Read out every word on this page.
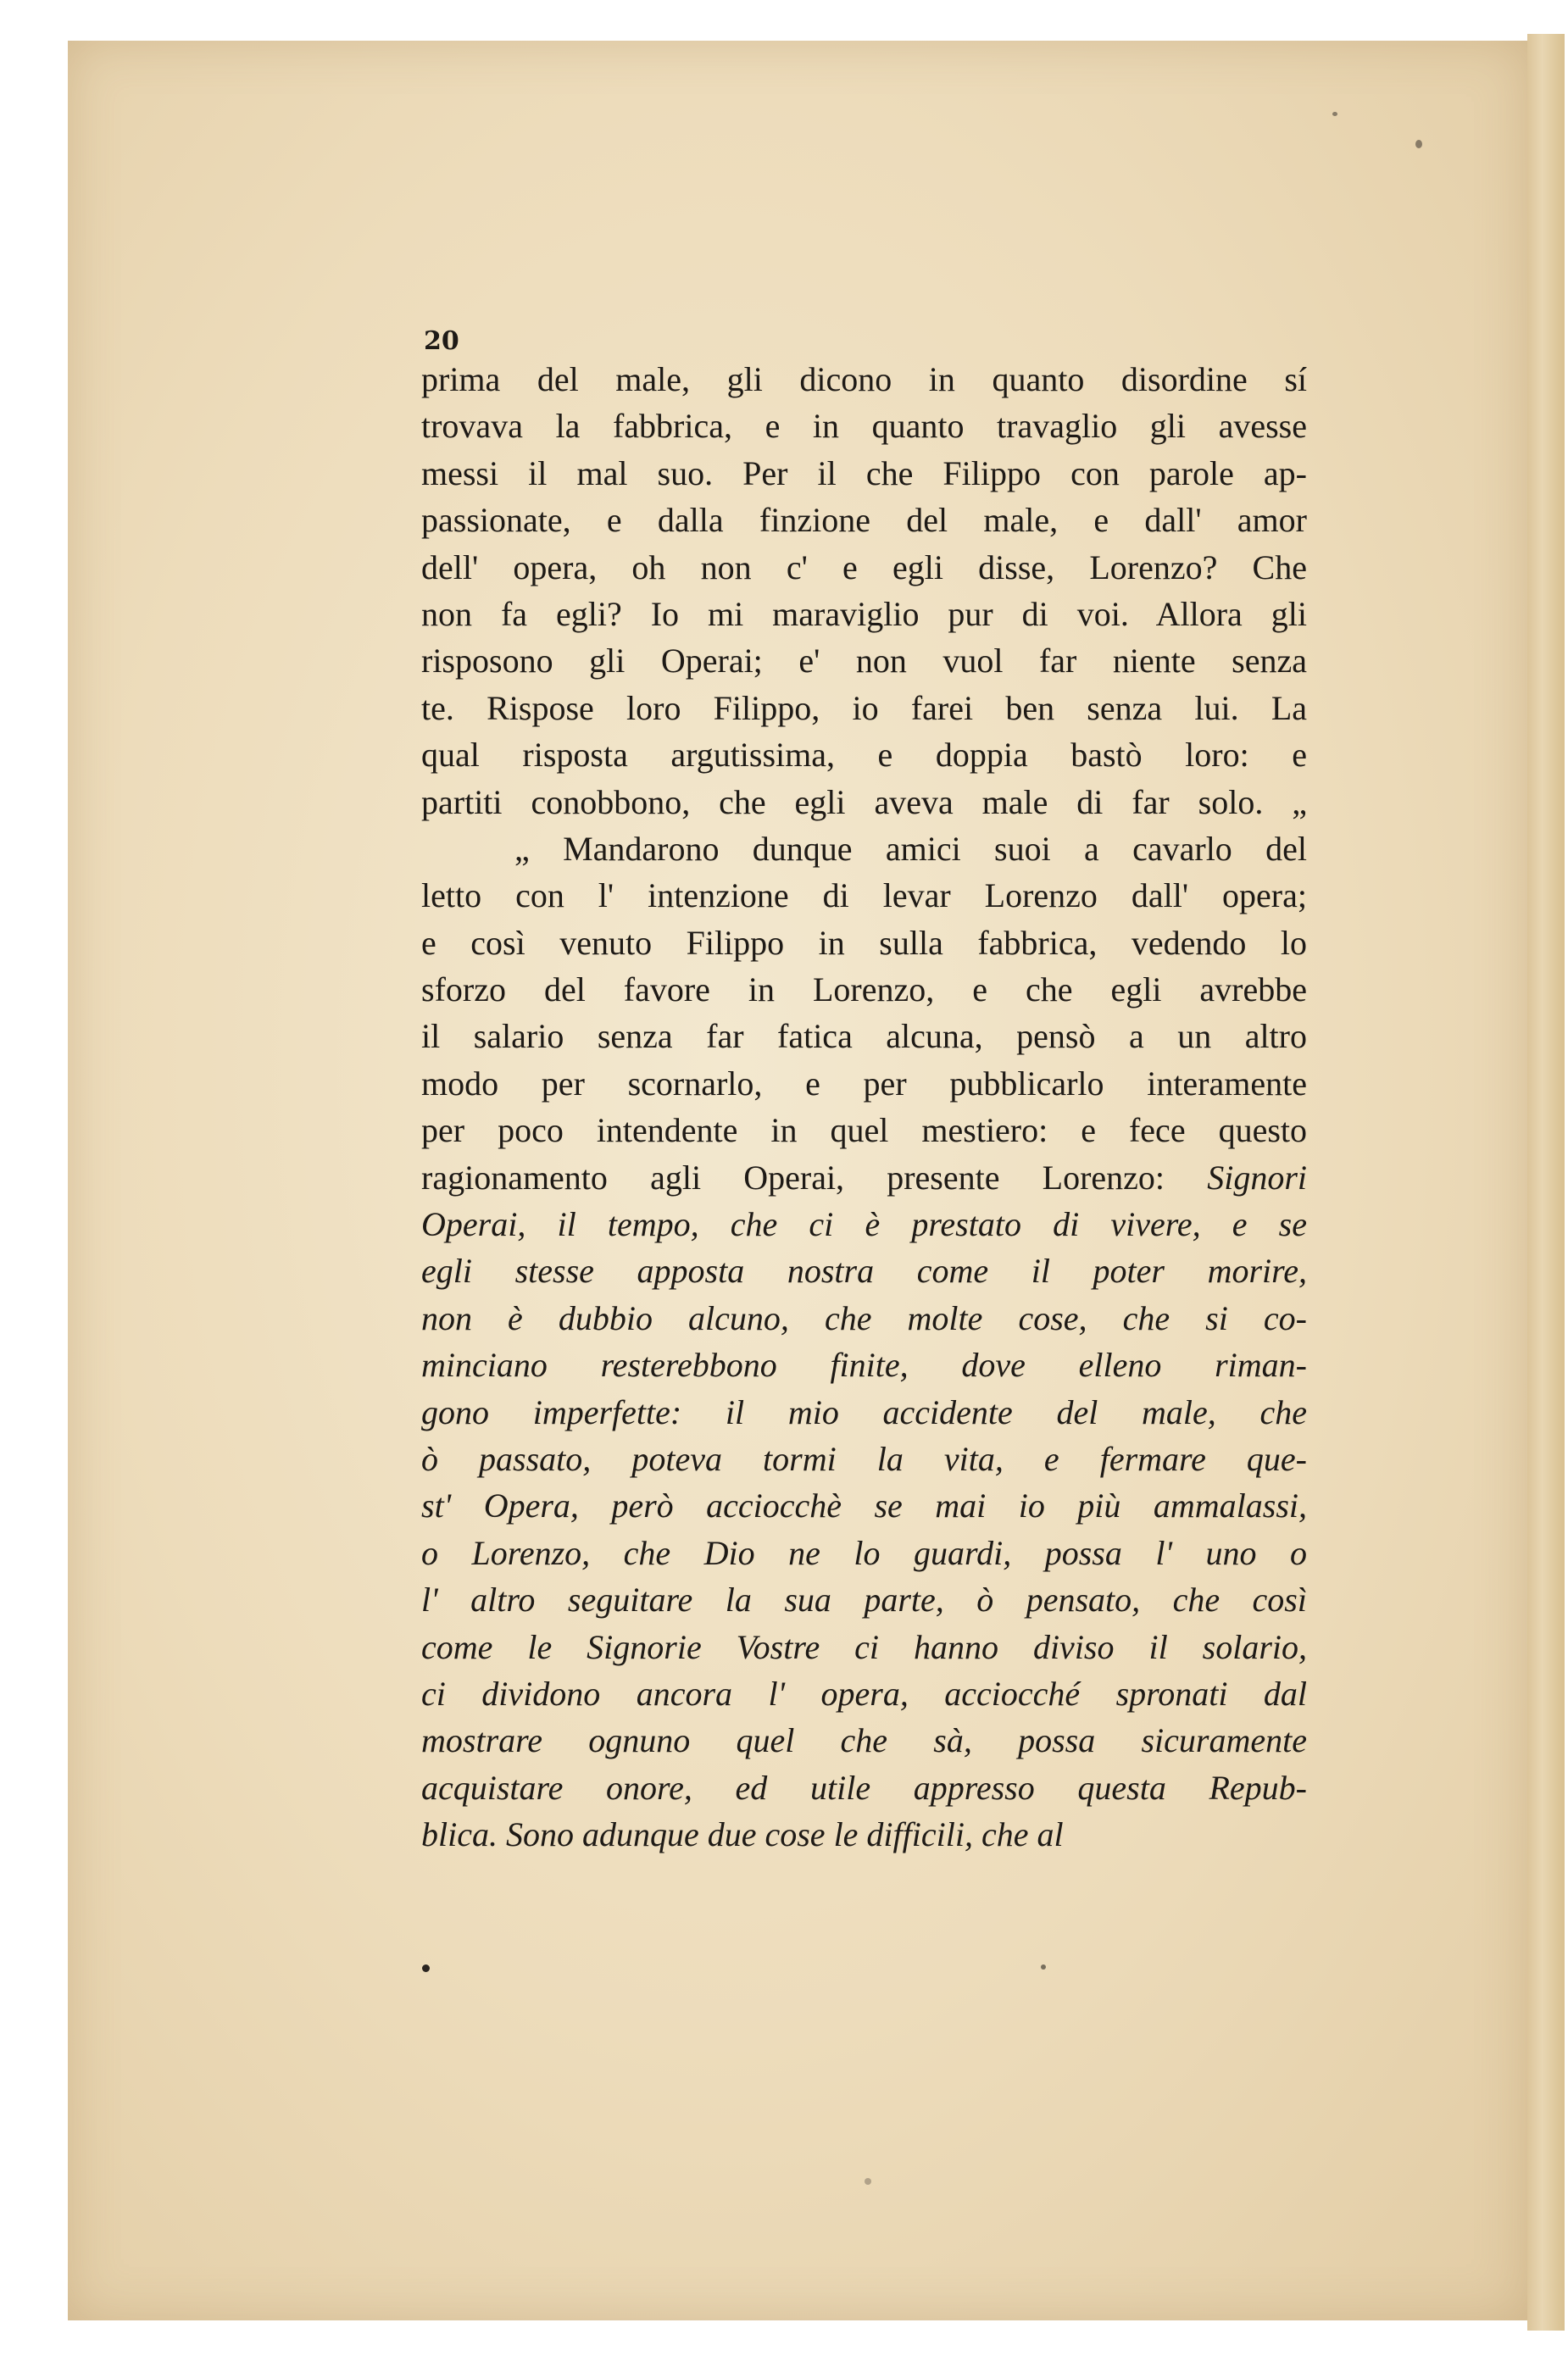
20
prima del male, gli dicono in quanto disordine sí
trovava la fabbrica, e in quanto travaglio gli avesse
messi il mal suo. Per il che Filippo con parole ap-
passionate, e dalla finzione del male, e dall' amor
dell' opera, oh non c' e egli disse, Lorenzo? Che
non fa egli? Io mi maraviglio pur di voi. Allora gli
risposono gli Operai; e' non vuol far niente senza
te. Rispose loro Filippo, io farei ben senza lui. La
qual risposta argutissima, e doppia bastò loro: e
partiti conobbono, che egli aveva male di far solo. „
„ Mandarono dunque amici suoi a cavarlo del
letto con l' intenzione di levar Lorenzo dall' opera;
e così venuto Filippo in sulla fabbrica, vedendo lo
sforzo del favore in Lorenzo, e che egli avrebbe
il salario senza far fatica alcuna, pensò a un altro
modo per scornarlo, e per pubblicarlo interamente
per poco intendente in quel mestiero: e fece questo
ragionamento agli Operai, presente Lorenzo: Signori
Operai, il tempo, che ci è prestato di vivere, e se
egli stesse apposta nostra come il poter morire,
non è dubbio alcuno, che molte cose, che si co-
minciano resterebbono finite, dove elleno riman-
gono imperfette: il mio accidente del male, che
ò passato, poteva tormi la vita, e fermare que-
st' Opera, però acciocchè se mai io più ammalassi,
o Lorenzo, che Dio ne lo guardi, possa l' uno o
l' altro seguitare la sua parte, ò pensato, che così
come le Signorie Vostre ci hanno diviso il solario,
ci dividono ancora l' opera, acciocché spronati dal
mostrare ognuno quel che sà, possa sicuramente
acquistare onore, ed utile appresso questa Repub-
blica. Sono adunque due cose le difficili, che al
